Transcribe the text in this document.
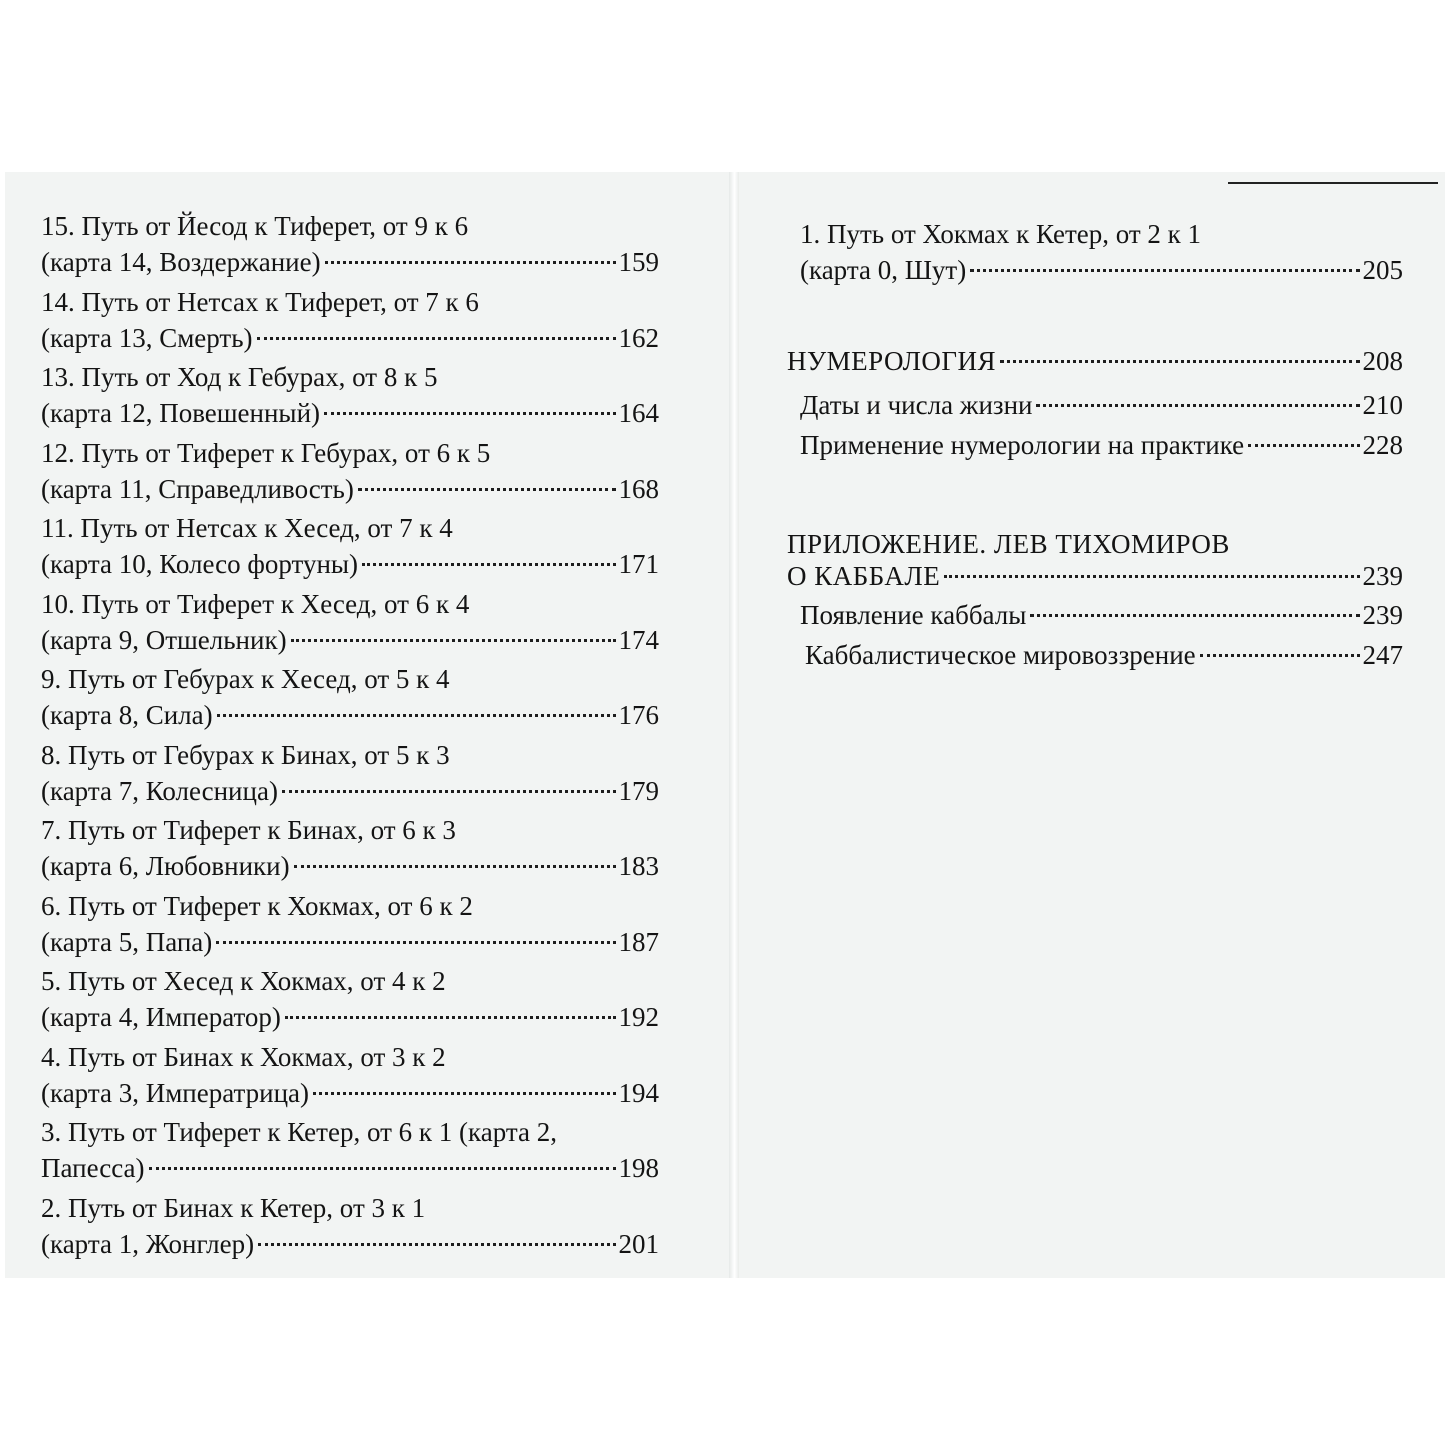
15. Путь от Йесод к Тиферет, от 9 к 6
(карта 14, Воздержание)	159
14. Путь от Нетсах к Тиферет, от 7 к 6
(карта 13, Смерть)	162
13. Путь от Ход к Гебурах, от 8 к 5
(карта 12, Повешенный)	164
12. Путь от Тиферет к Гебурах, от 6 к 5
(карта 11, Справедливость)	168
11. Путь от Нетсах к Хесед, от 7 к 4
(карта 10, Колесо фортуны)	171
10. Путь от Тиферет к Хесед, от 6 к 4
(карта 9, Отшельник)	174
9. Путь от Гебурах к Хесед, от 5 к 4
(карта 8, Сила)	176
8. Путь от Гебурах к Бинах, от 5 к 3
(карта 7, Колесница)	179
7. Путь от Тиферет к Бинах, от 6 к 3
(карта 6, Любовники)	183
6. Путь от Тиферет к Хокмах, от 6 к 2
(карта 5, Папа)	187
5. Путь от Хесед к Хокмах, от 4 к 2
(карта 4, Император)	192
4. Путь от Бинах к Хокмах, от 3 к 2
(карта 3, Императрица)	194
3. Путь от Тиферет к Кетер, от 6 к 1 (карта 2,
Папесса)	198
2. Путь от Бинах к Кетер, от 3 к 1
(карта 1, Жонглер)	201
1. Путь от Хокмах к Кетер, от 2 к 1
(карта 0, Шут)	205
НУМЕРОЛОГИЯ	208
Даты и числа жизни	210
Применение нумерологии на практике	228
ПРИЛОЖЕНИЕ. ЛЕВ ТИХОМИРОВ
О КАББАЛЕ	239
Появление каббалы	239
Каббалистическое мировоззрение	247
